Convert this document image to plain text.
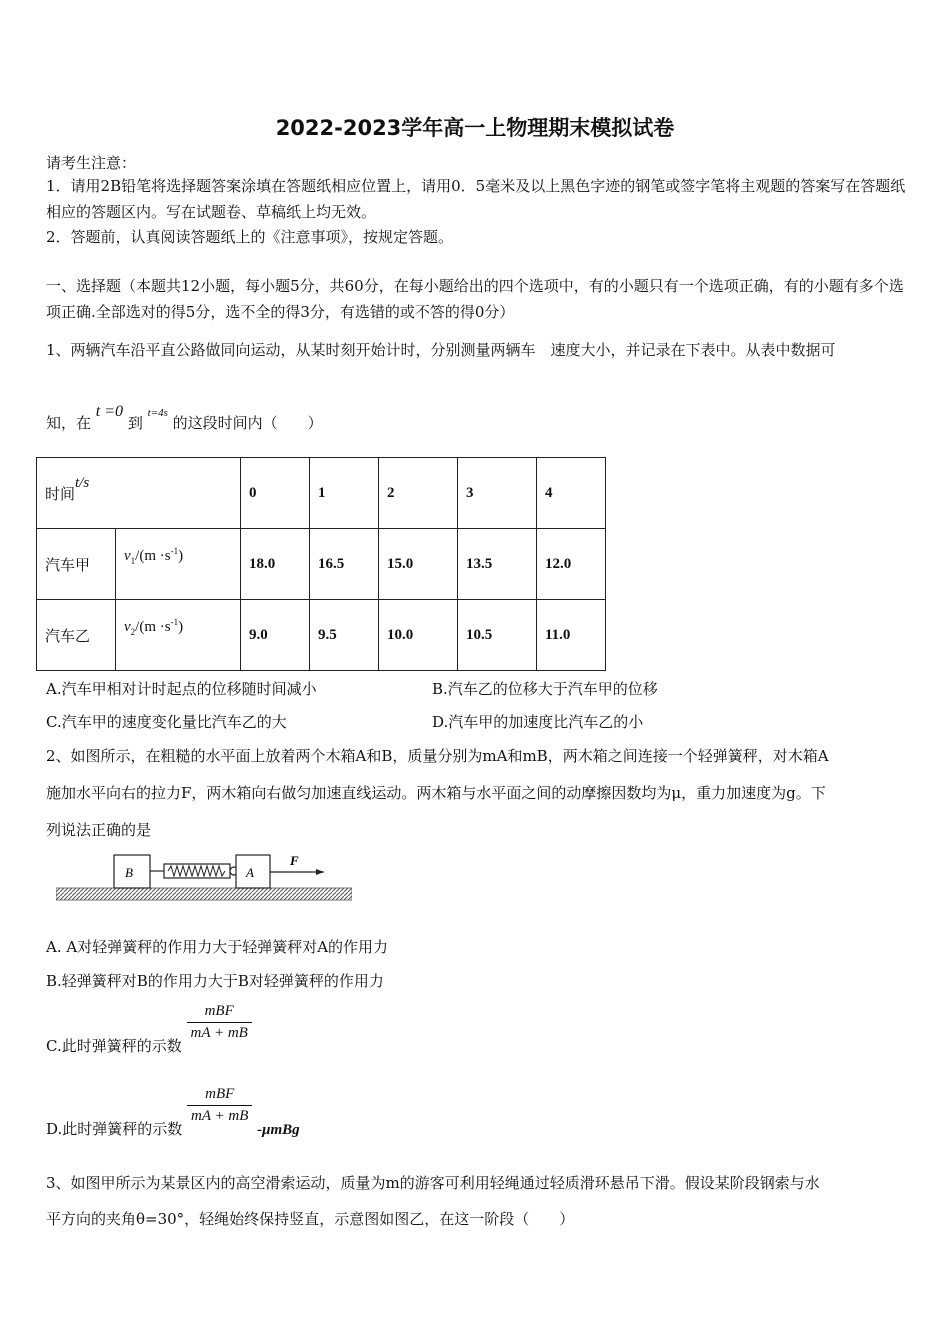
2022-2023学年高一上物理期末模拟试卷
请考生注意：
1．请用2B铅笔将选择题答案涂填在答题纸相应位置上，请用0．5毫米及以上黑色字迹的钢笔或签字笔将主观题的答案写在答题纸相应的答题区内。写在试题卷、草稿纸上均无效。
2．答题前，认真阅读答题纸上的《注意事项》，按规定答题。
一、选择题（本题共12小题，每小题5分，共60分，在每小题给出的四个选项中，有的小题只有一个选项正确，有的小题有多个选项正确.全部选对的得5分，选不全的得3分，有选错的或不答的得0分）
1、两辆汽车沿平直公路做同向运动，从某时刻开始计时，分别测量两辆车　速度大小，并记录在下表中。从表中数据可
知，在 t =0 到 $^{t=4s}$ 的这段时间内（　　）
时间t/s		0	1	2	3	4
汽车甲	$v_1/(m \cdot s^{-1})$	18.0	16.5	15.0	13.5	12.0
汽车乙	$v_2/(m \cdot s^{-1})$	9.0	9.5	10.0	10.5	11.0
A.汽车甲相对计时起点的位移随时间减小	B.汽车乙的位移大于汽车甲的位移
C.汽车甲的速度变化量比汽车乙的大	D.汽车甲的加速度比汽车乙的小
2、如图所示，在粗糙的水平面上放着两个木箱A和B，质量分别为mA和mB，两木箱之间连接一个轻弹簧秤，对木箱A
施加水平向右的拉力F，两木箱向右做匀加速直线运动。两木箱与水平面之间的动摩擦因数均为μ，重力加速度为g。下
列说法正确的是
B	A
F
A. A对轻弹簧秤的作用力大于轻弹簧秤对A的作用力
B.轻弹簧秤对B的作用力大于B对轻弹簧秤的作用力
C.此时弹簧秤的示数
$\frac{\text{mBF}}{mA + mB}$
D.此时弹簧秤的示数
$\frac{\text{mBF}}{mA + mB}$
-μmBg
3、如图甲所示为某景区内的高空滑索运动，质量为m的游客可利用轻绳通过轻质滑环悬吊下滑。假设某阶段钢索与水
平方向的夹角θ=30°，轻绳始终保持竖直，示意图如图乙，在这一阶段（　　）
